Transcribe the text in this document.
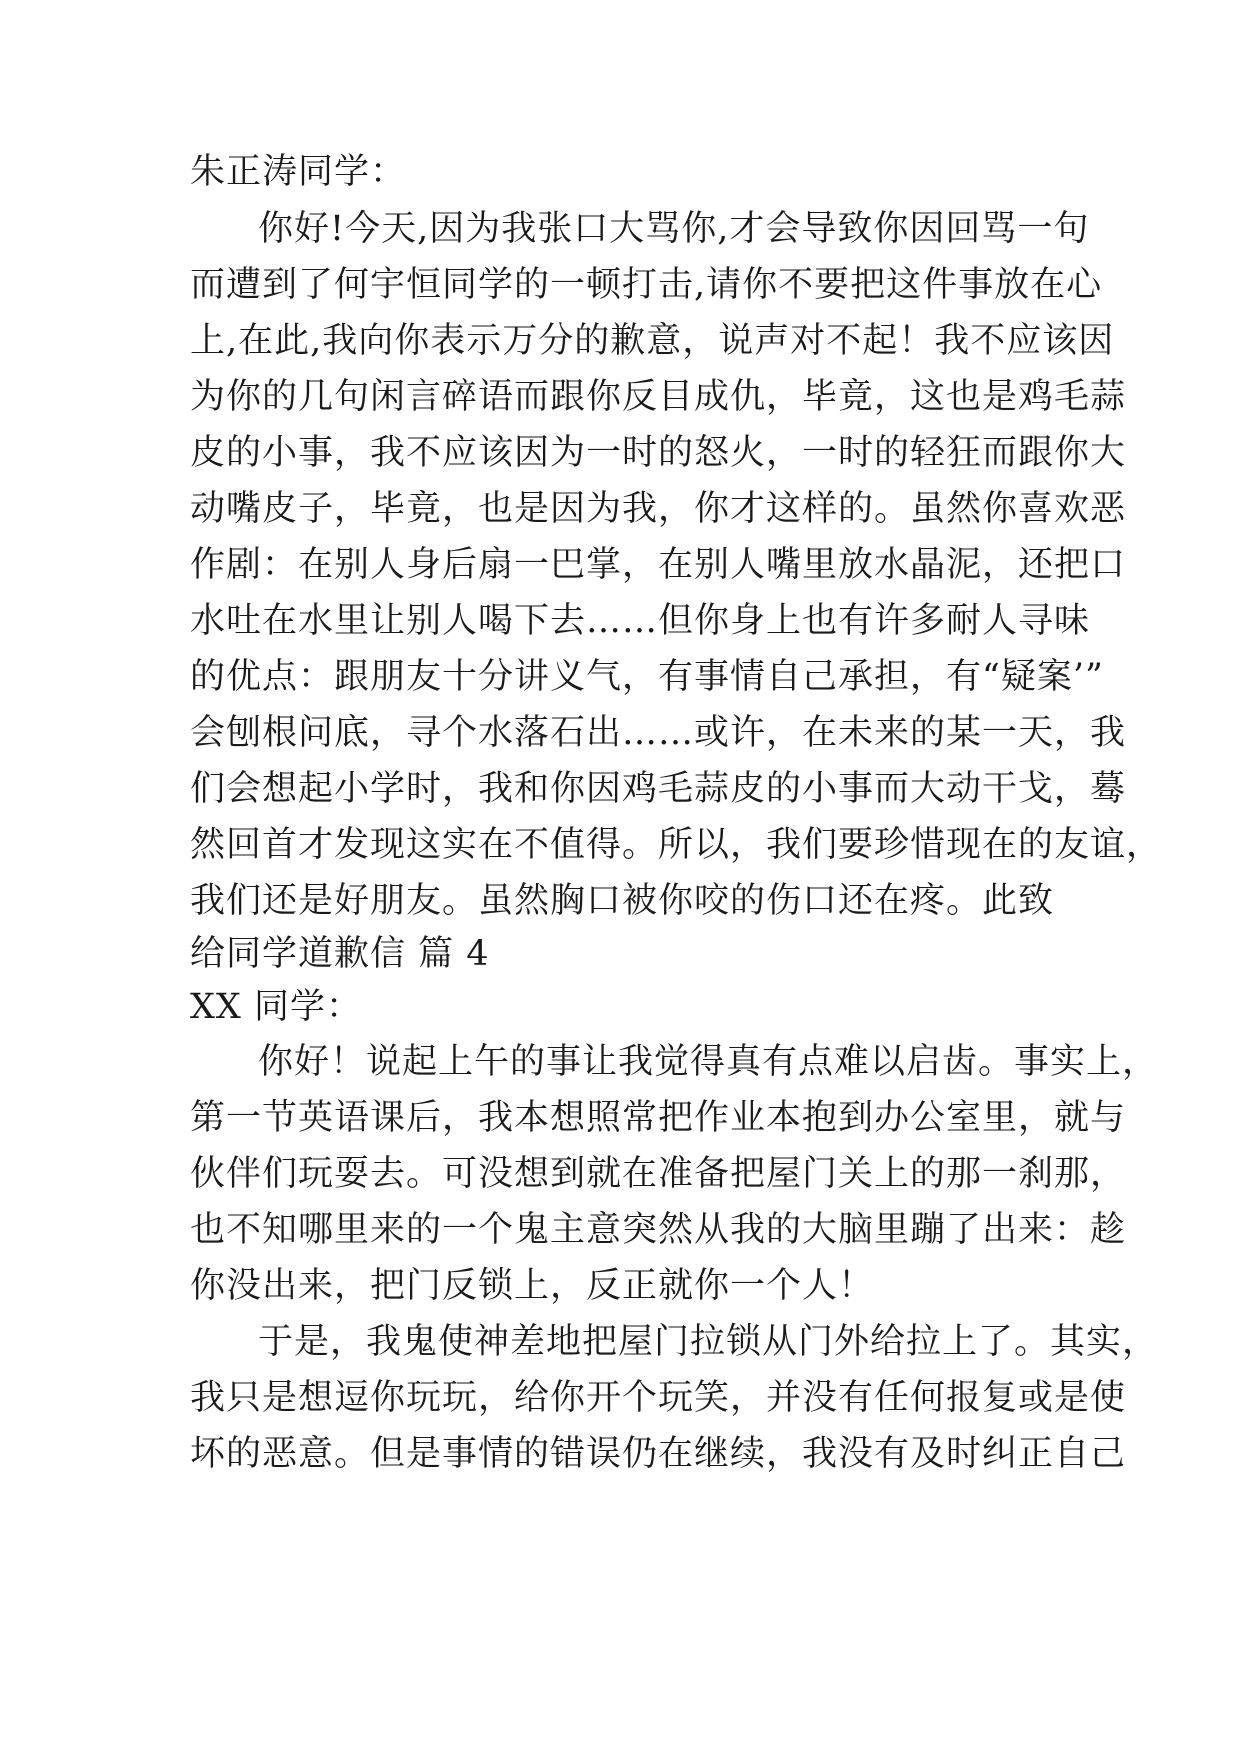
朱正涛同学：
你好!今天,因为我张口大骂你,才会导致你因回骂一句
而遭到了何宇恒同学的一顿打击,请你不要把这件事放在心
上,在此,我向你表示万分的歉意，说声对不起！我不应该因
为你的几句闲言碎语而跟你反目成仇，毕竟，这也是鸡毛蒜
皮的小事，我不应该因为一时的怒火，一时的轻狂而跟你大
动嘴皮子，毕竟，也是因为我，你才这样的。虽然你喜欢恶
作剧：在别人身后扇一巴掌，在别人嘴里放水晶泥，还把口
水吐在水里让别人喝下去……但你身上也有许多耐人寻味
的优点：跟朋友十分讲义气，有事情自己承担，有“疑案’”
会刨根问底，寻个水落石出……或许，在未来的某一天，我
们会想起小学时，我和你因鸡毛蒜皮的小事而大动干戈，蓦
然回首才发现这实在不值得。所以，我们要珍惜现在的友谊，
我们还是好朋友。虽然胸口被你咬的伤口还在疼。此致
给同学道歉信 篇 4
XX 同学：
你好！说起上午的事让我觉得真有点难以启齿。事实上，
第一节英语课后，我本想照常把作业本抱到办公室里，就与
伙伴们玩耍去。可没想到就在准备把屋门关上的那一刹那，
也不知哪里来的一个鬼主意突然从我的大脑里蹦了出来：趁
你没出来，把门反锁上，反正就你一个人！
于是，我鬼使神差地把屋门拉锁从门外给拉上了。其实，
我只是想逗你玩玩，给你开个玩笑，并没有任何报复或是使
坏的恶意。但是事情的错误仍在继续，我没有及时纠正自己
